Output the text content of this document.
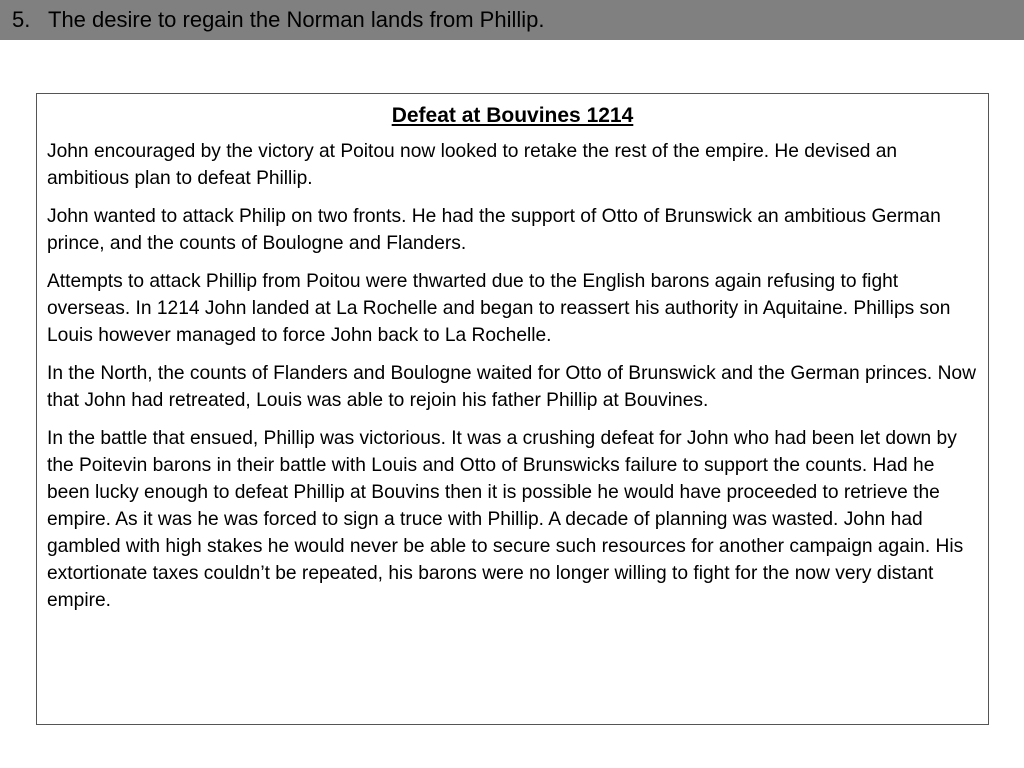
5. The desire to regain the Norman lands from Phillip.
Defeat at Bouvines 1214

John encouraged by the victory at Poitou now looked to retake the rest of the empire. He devised an ambitious plan to defeat Phillip.

John wanted to attack Philip on two fronts. He had the support of Otto of Brunswick an ambitious German prince, and the counts of Boulogne and Flanders.

Attempts to attack Phillip from Poitou were thwarted due to the English barons again refusing to fight overseas. In 1214 John landed at La Rochelle and began to reassert his authority in Aquitaine. Phillips son Louis however managed to force John back to La Rochelle.

In the North, the counts of Flanders and Boulogne waited for Otto of Brunswick and the German princes. Now that John had retreated, Louis was able to rejoin his father Phillip at Bouvines.

In the battle that ensued, Phillip was victorious. It was a crushing defeat for John who had been let down by the Poitevin barons in their battle with Louis and Otto of Brunswicks failure to support the counts. Had he been lucky enough to defeat Phillip at Bouvins then it is possible he would have proceeded to retrieve the empire. As it was he was forced to sign a truce with Phillip. A decade of planning was wasted. John had gambled with high stakes he would never be able to secure such resources for another campaign again. His extortionate taxes couldn’t be repeated, his barons were no longer willing to fight for the now very distant empire.
